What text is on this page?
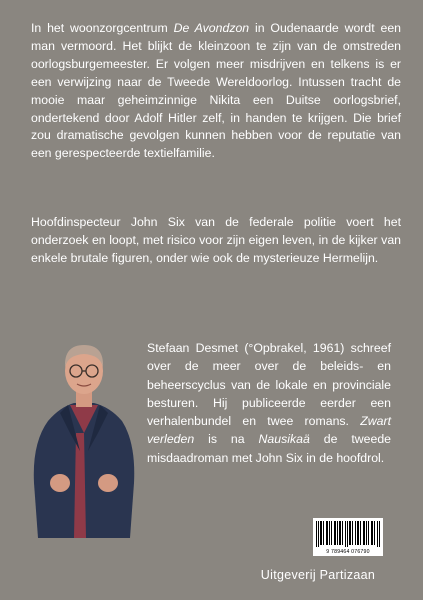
In het woonzorgcentrum De Avondzon in Oudenaarde wordt een man vermoord. Het blijkt de kleinzoon te zijn van de omstreden oorlogsburgemeester. Er volgen meer misdrijven en telkens is er een verwijzing naar de Tweede Wereldoorlog. Intussen tracht de mooie maar geheimzinnige Nikita een Duitse oorlogsbrief, ondertekend door Adolf Hitler zelf, in handen te krijgen. Die brief zou dramatische gevolgen kunnen hebben voor de reputatie van een gerespecteerde textielfamilie.

Hoofdinspecteur John Six van de federale politie voert het onderzoek en loopt, met risico voor zijn eigen leven, in de kijker van enkele brutale figuren, onder wie ook de mysterieuze Hermelijn.

Stefaan Desmet (°Opbrakel, 1961) schreef over de meer over de beleids- en beheerscyclus van de lokale en provinciale besturen. Hij publiceerde eerder een verhalenbundel en twee romans. Zwart verleden is na Nausikaä de tweede misdaadroman met John Six in de hoofdrol.

9 789464 076790
Uitgeverij Partizaan
